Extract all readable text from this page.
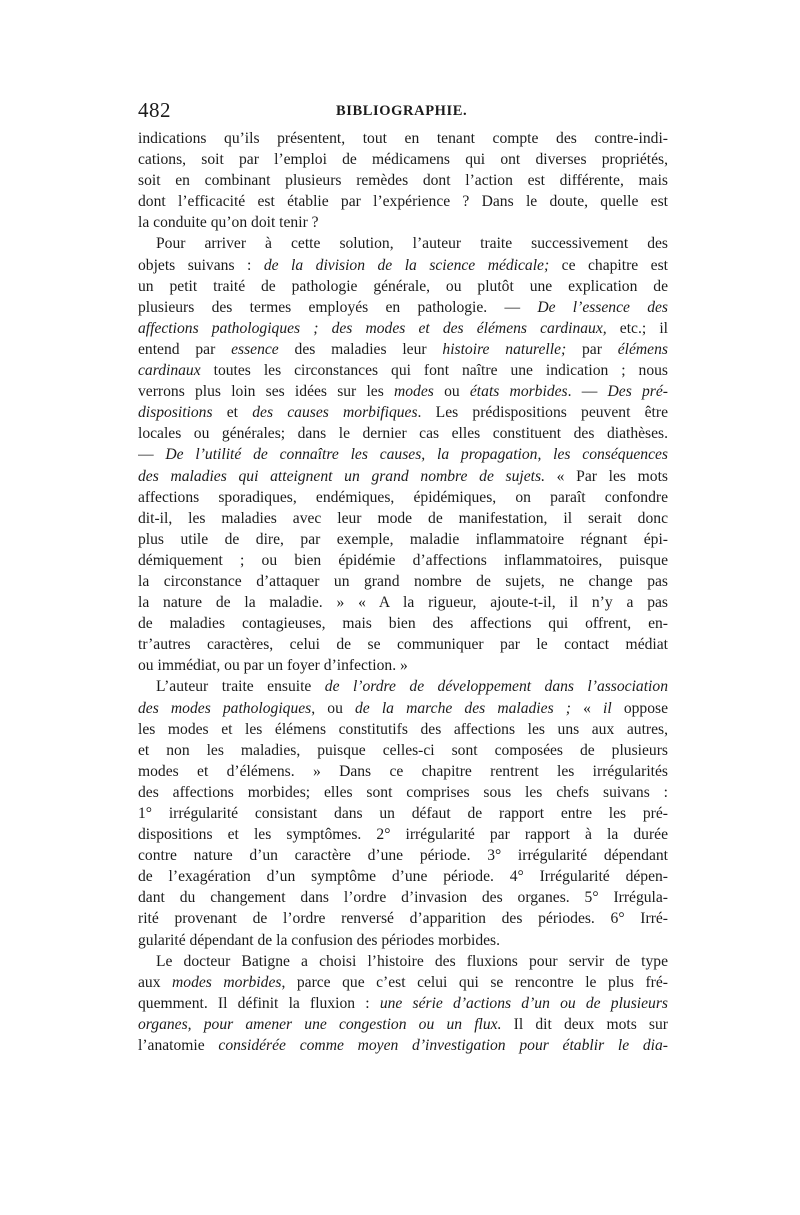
482	BIBLIOGRAPHIE.
indications qu’ils présentent, tout en tenant compte des contre-indi-
cations, soit par l’emploi de médicamens qui ont diverses propriétés,
soit en combinant plusieurs remèdes dont l’action est différente, mais
dont l’efficacité est établie par l’expérience ? Dans le doute, quelle est
la conduite qu’on doit tenir ?
Pour arriver à cette solution, l’auteur traite successivement des
objets suivans : de la division de la science médicale; ce chapitre est
un petit traité de pathologie générale, ou plutôt une explication de
plusieurs des termes employés en pathologie. — De l’essence des
affections pathologiques ; des modes et des élémens cardinaux, etc.; il
entend par essence des maladies leur histoire naturelle; par élémens
cardinaux toutes les circonstances qui font naître une indication ; nous
verrons plus loin ses idées sur les modes ou états morbides. — Des pré-
dispositions et des causes morbifiques. Les prédispositions peuvent être
locales ou générales; dans le dernier cas elles constituent des diathèses.
— De l’utilité de connaître les causes, la propagation, les conséquences
des maladies qui atteignent un grand nombre de sujets. « Par les mots
affections sporadiques, endémiques, épidémiques, on paraît confondre
dit-il, les maladies avec leur mode de manifestation, il serait donc
plus utile de dire, par exemple, maladie inflammatoire régnant épi-
démiquement ; ou bien épidémie d’affections inflammatoires, puisque
la circonstance d’attaquer un grand nombre de sujets, ne change pas
la nature de la maladie. » « A la rigueur, ajoute-t-il, il n’y a pas
de maladies contagieuses, mais bien des affections qui offrent, en-
tr’autres caractères, celui de se communiquer par le contact médiat
ou immédiat, ou par un foyer d’infection. »
L’auteur traite ensuite de l’ordre de développement dans l’association
des modes pathologiques, ou de la marche des maladies ; « il oppose
les modes et les élémens constitutifs des affections les uns aux autres,
et non les maladies, puisque celles-ci sont composées de plusieurs
modes et d’élémens. » Dans ce chapitre rentrent les irrégularités
des affections morbides; elles sont comprises sous les chefs suivans :
1° irrégularité consistant dans un défaut de rapport entre les pré-
dispositions et les symptômes. 2° irrégularité par rapport à la durée
contre nature d’un caractère d’une période. 3° irrégularité dépendant
de l’exagération d’un symptôme d’une période. 4° Irrégularité dépen-
dant du changement dans l’ordre d’invasion des organes. 5° Irrégula-
rité provenant de l’ordre renversé d’apparition des périodes. 6° Irré-
gularité dépendant de la confusion des périodes morbides.
Le docteur Batigne a choisi l’histoire des fluxions pour servir de type
aux modes morbides, parce que c’est celui qui se rencontre le plus fré-
quemment. Il définit la fluxion : une série d’actions d’un ou de plusieurs
organes, pour amener une congestion ou un flux. Il dit deux mots sur
l’anatomie considérée comme moyen d’investigation pour établir le dia-
